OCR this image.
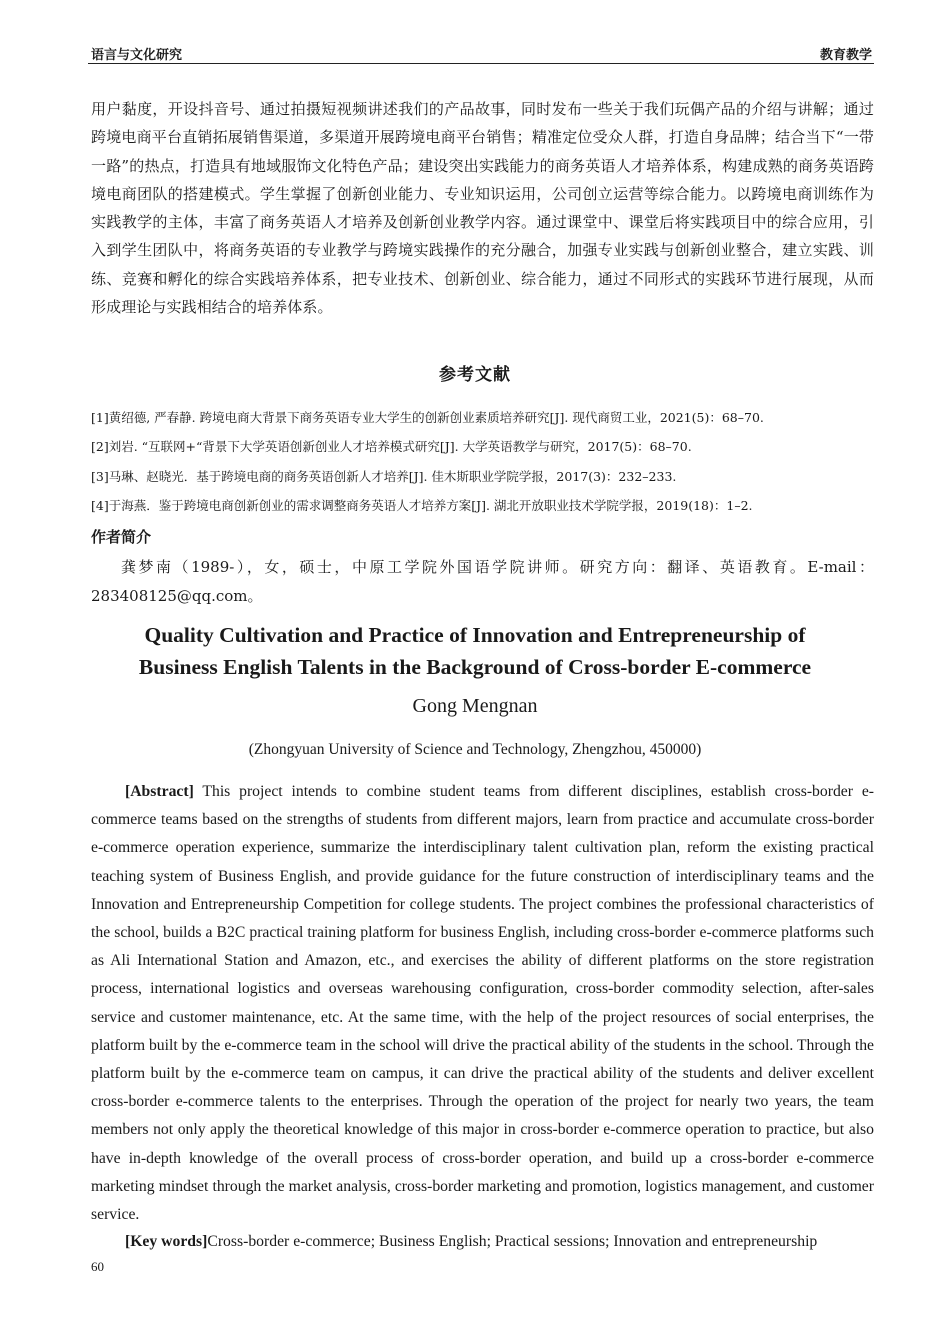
语言与文化研究	教育教学
用户黏度，开设抖音号、通过拍摄短视频讲述我们的产品故事，同时发布一些关于我们玩偶产品的介绍与讲解；通过跨境电商平台直销拓展销售渠道，多渠道开展跨境电商平台销售；精准定位受众人群，打造自身品牌；结合当下“一带一路”的热点，打造具有地域服饰文化特色产品；建设突出实践能力的商务英语人才培养体系，构建成熟的商务英语跨境电商团队的搭建模式。学生掌握了创新创业能力、专业知识运用，公司创立运营等综合能力。以跨境电商训练作为实践教学的主体，丰富了商务英语人才培养及创新创业教学内容。通过课堂中、课堂后将实践项目中的综合应用，引入到学生团队中，将商务英语的专业教学与跨境实践操作的充分融合，加强专业实践与创新创业整合，建立实践、训练、竞赛和孵化的综合实践培养体系，把专业技术、创新创业、综合能力，通过不同形式的实践环节进行展现，从而形成理论与实践相结合的培养体系。
参考文献
[1]黄绍德, 严春静. 跨境电商大背景下商务英语专业大学生的创新创业素质培养研究[J]. 现代商贸工业，2021(5)：68–70.
[2]刘岩. “互联网+“背景下大学英语创新创业人才培养模式研究[J]. 大学英语教学与研究，2017(5)：68–70.
[3]马琳、赵晓光．基于跨境电商的商务英语创新人才培养[J]. 佳木斯职业学院学报，2017(3)：232–233.
[4]于海燕．鉴于跨境电商创新创业的需求调整商务英语人才培养方案[J]. 湖北开放职业技术学院学报，2019(18)：1–2.
作者简介
龚梦南（1989-），女，硕士，中原工学院外国语学院讲师。研究方向：翻译、英语教育。E-mail：283408125@qq.com。
Quality Cultivation and Practice of Innovation and Entrepreneurship of
Business English Talents in the Background of Cross-border E-commerce
Gong Mengnan
(Zhongyuan University of Science and Technology, Zhengzhou, 450000)

[Abstract] This project intends to combine student teams from different disciplines, establish cross-border e-commerce teams based on the strengths of students from different majors, learn from practice and accumulate cross-border e-commerce operation experience, summarize the interdisciplinary talent cultivation plan, reform the existing practical teaching system of Business English, and provide guidance for the future construction of interdisciplinary teams and the Innovation and Entrepreneurship Competition for college students. The project combines the professional characteristics of the school, builds a B2C practical training platform for business English, including cross-border e-commerce platforms such as Ali International Station and Amazon, etc., and exercises the ability of different platforms on the store registration process, international logistics and overseas warehousing configuration, cross-border commodity selection, after-sales service and customer maintenance, etc. At the same time, with the help of the project resources of social enterprises, the platform built by the e-commerce team in the school will drive the practical ability of the students in the school. Through the platform built by the e-commerce team on campus, it can drive the practical ability of the students and deliver excellent cross-border e-commerce talents to the enterprises. Through the operation of the project for nearly two years, the team members not only apply the theoretical knowledge of this major in cross-border e-commerce operation to practice, but also have in-depth knowledge of the overall process of cross-border operation, and build up a cross-border e-commerce marketing mindset through the market analysis, cross-border marketing and promotion, logistics management, and customer service.

[Key words]Cross-border e-commerce; Business English; Practical sessions; Innovation and entrepreneurship

60
